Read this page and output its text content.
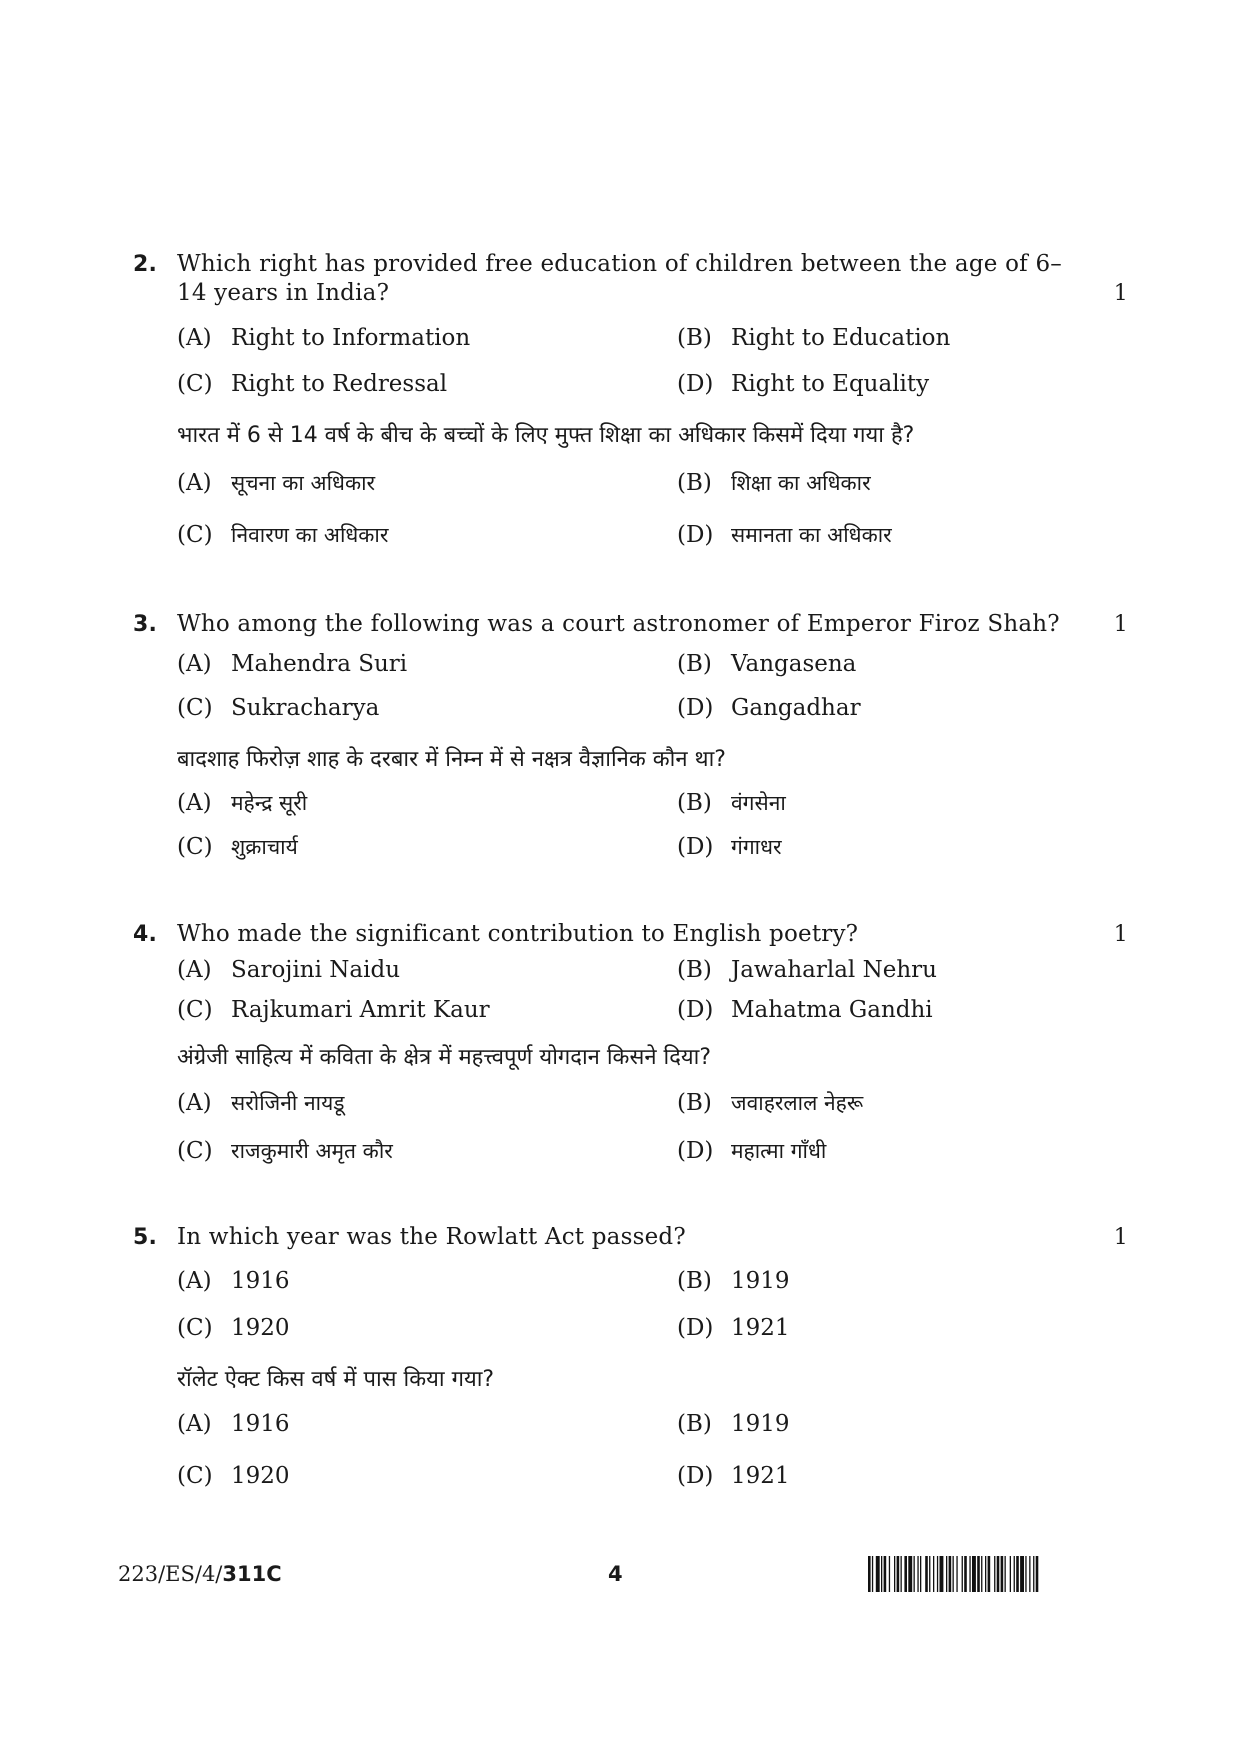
2. Which right has provided free education of children between the age of 6–14 years in India?	1
(A) Right to Information	(B) Right to Education
(C) Right to Redressal	(D) Right to Equality
भारत में 6 से 14 वर्ष के बीच के बच्चों के लिए मुफ्त शिक्षा का अधिकार किसमें दिया गया है?
(A) सूचना का अधिकार	(B) शिक्षा का अधिकार
(C) निवारण का अधिकार	(D) समानता का अधिकार
3. Who among the following was a court astronomer of Emperor Firoz Shah? 1
(A) Mahendra Suri	(B) Vangasena
(C) Sukracharya	(D) Gangadhar
बादशाह फिरोज़ शाह के दरबार में निम्न में से नक्षत्र वैज्ञानिक कौन था?
(A) महेन्द्र सूरी	(B) वंगसेना
(C) शुक्राचार्य	(D) गंगाधर
4. Who made the significant contribution to English poetry?	1
(A) Sarojini Naidu	(B) Jawaharlal Nehru
(C) Rajkumari Amrit Kaur	(D) Mahatma Gandhi
अंग्रेजी साहित्य में कविता के क्षेत्र में महत्त्वपूर्ण योगदान किसने दिया?
(A) सरोजिनी नायडू	(B) जवाहरलाल नेहरू
(C) राजकुमारी अमृत कौर	(D) महात्मा गाँधी
5. In which year was the Rowlatt Act passed?	1
(A) 1916	(B) 1919
(C) 1920	(D) 1921
रॉलेट ऐक्ट किस वर्ष में पास किया गया?
(A) 1916	(B) 1919
(C) 1920	(D) 1921
223/ES/4/311C	4
